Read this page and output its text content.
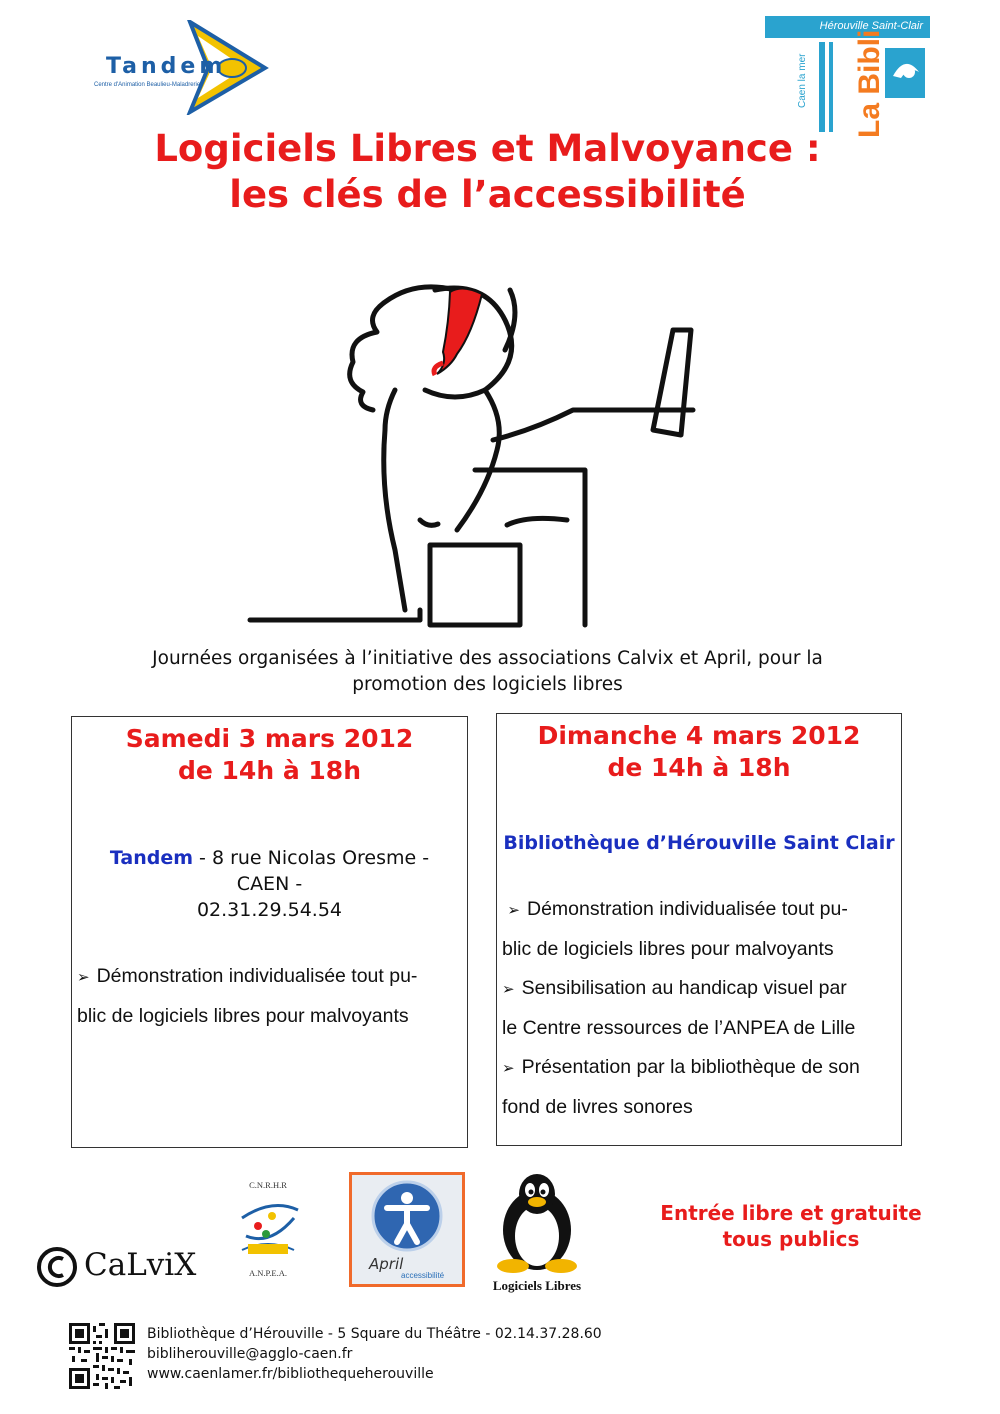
Tandem
Centre d'Animation Beaulieu-Maladrerie
Hérouville Saint-Clair
Caen la mer La Bibli
Logiciels Libres et Malvoyance :
les clés de l’accessibilité
Journées organisées à l’initiative des associations Calvix et April, pour la
promotion des logiciels libres
Samedi 3 mars 2012
de 14h à 18h
Tandem - 8 rue Nicolas Oresme -
CAEN -
02.31.29.54.54
➢ Démonstration individualisée tout pu-
blic de logiciels libres pour malvoyants
Dimanche 4 mars 2012
de 14h à 18h
Bibliothèque d’Hérouville Saint Clair
➢ Démonstration individualisée tout pu-
blic de logiciels libres pour malvoyants
➢ Sensibilisation au handicap visuel par
le Centre ressources de l’ANPEA de Lille
➢ Présentation par la bibliothèque de son
fond de livres sonores
CaLviX
C.N.R.H.R
A.N.P.E.A.	April
accessibilité
Logiciels Libres
Entrée libre et gratuite
tous publics
Bibliothèque d’Hérouville - 5 Square du Théâtre - 02.14.37.28.60
bibliherouville@agglo-caen.fr
www.caenlamer.fr/bibliothequeherouville
